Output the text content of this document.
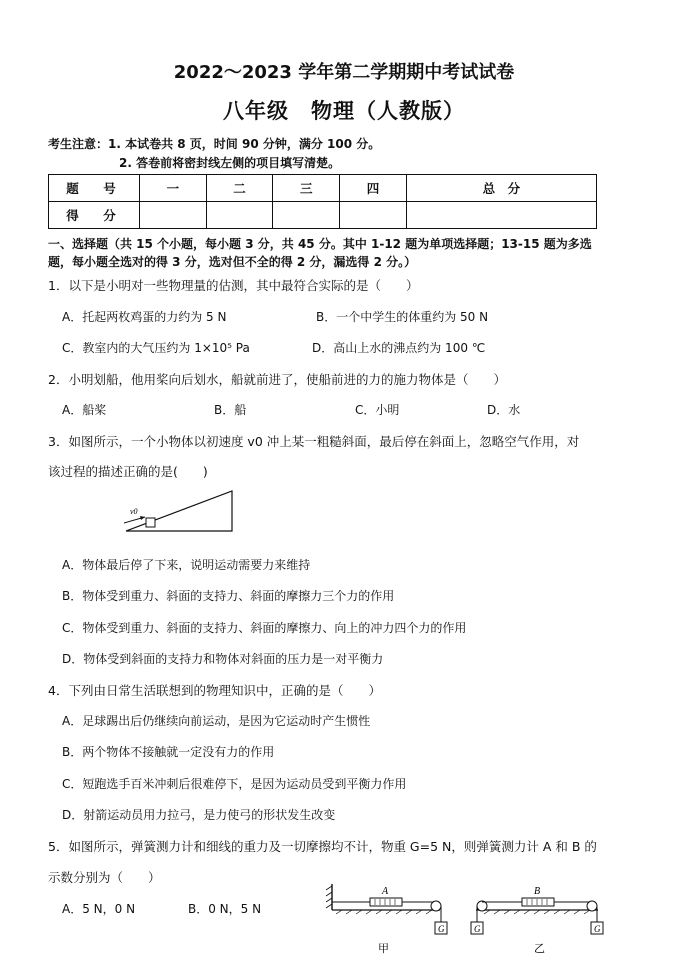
2022～2023 学年第二学期期中考试试卷
八年级　物理（人教版）
考生注意：1. 本试卷共 8 页，时间 90 分钟，满分 100 分。
2. 答卷前将密封线左侧的项目填写清楚。
题　号	一	二	三	四	总　分
得　分					
一、选择题（共 15 个小题，每小题 3 分，共 45 分。其中 1-12 题为单项选择题；13-15 题为多选
题，每小题全选对的得 3 分，选对但不全的得 2 分，漏选得 2 分。）
1．以下是小明对一些物理量的估测，其中最符合实际的是（　　）
A．托起两枚鸡蛋的力约为 5 N	B．一个中学生的体重约为 50 N
C．教室内的大气压约为 1×10⁵ Pa	D．高山上水的沸点约为 100 ℃
2．小明划船，他用桨向后划水，船就前进了，使船前进的力的施力物体是（　　）
A．船桨	B．船	C．小明	D．水
3．如图所示，一个小物体以初速度 v0 冲上某一粗糙斜面，最后停在斜面上，忽略空气作用，对
该过程的描述正确的是(　　)
v0
A．物体最后停了下来，说明运动需要力来维持
B．物体受到重力、斜面的支持力、斜面的摩擦力三个力的作用
C．物体受到重力、斜面的支持力、斜面的摩擦力、向上的冲力四个力的作用
D．物体受到斜面的支持力和物体对斜面的压力是一对平衡力
4．下列由日常生活联想到的物理知识中，正确的是（　　）
A．足球踢出后仍继续向前运动，是因为它运动时产生惯性
B．两个物体不接触就一定没有力的作用
C．短跑选手百米冲刺后很难停下，是因为运动员受到平衡力作用
D．射箭运动员用力拉弓，是力使弓的形状发生改变
5．如图所示，弹簧测力计和细线的重力及一切摩擦均不计，物重 G=5 N，则弹簧测力计 A 和 B 的
示数分别为（　　）
A．5 N，0 N	B．0 N，5 N
A
G
甲
G
B
G
乙
